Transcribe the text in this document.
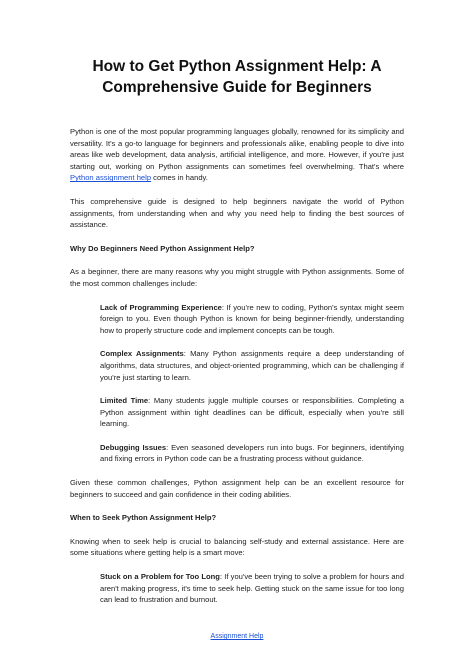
How to Get Python Assignment Help: A
Comprehensive Guide for Beginners

Python is one of the most popular programming languages globally, renowned for its simplicity and versatility. It's a go-to language for beginners and professionals alike, enabling people to dive into areas like web development, data analysis, artificial intelligence, and more. However, if you're just starting out, working on Python assignments can sometimes feel overwhelming. That's where Python assignment help comes in handy.

This comprehensive guide is designed to help beginners navigate the world of Python assignments, from understanding when and why you need help to finding the best sources of assistance.

Why Do Beginners Need Python Assignment Help?

As a beginner, there are many reasons why you might struggle with Python assignments. Some of the most common challenges include:

Lack of Programming Experience: If you're new to coding, Python's syntax might seem foreign to you. Even though Python is known for being beginner-friendly, understanding how to properly structure code and implement concepts can be tough.

Complex Assignments: Many Python assignments require a deep understanding of algorithms, data structures, and object-oriented programming, which can be challenging if you're just starting to learn.

Limited Time: Many students juggle multiple courses or responsibilities. Completing a Python assignment within tight deadlines can be difficult, especially when you're still learning.

Debugging Issues: Even seasoned developers run into bugs. For beginners, identifying and fixing errors in Python code can be a frustrating process without guidance.

Given these common challenges, Python assignment help can be an excellent resource for beginners to succeed and gain confidence in their coding abilities.

When to Seek Python Assignment Help?

Knowing when to seek help is crucial to balancing self-study and external assistance. Here are some situations where getting help is a smart move:

Stuck on a Problem for Too Long: If you've been trying to solve a problem for hours and aren't making progress, it's time to seek help. Getting stuck on the same issue for too long can lead to frustration and burnout.

Assignment Help
